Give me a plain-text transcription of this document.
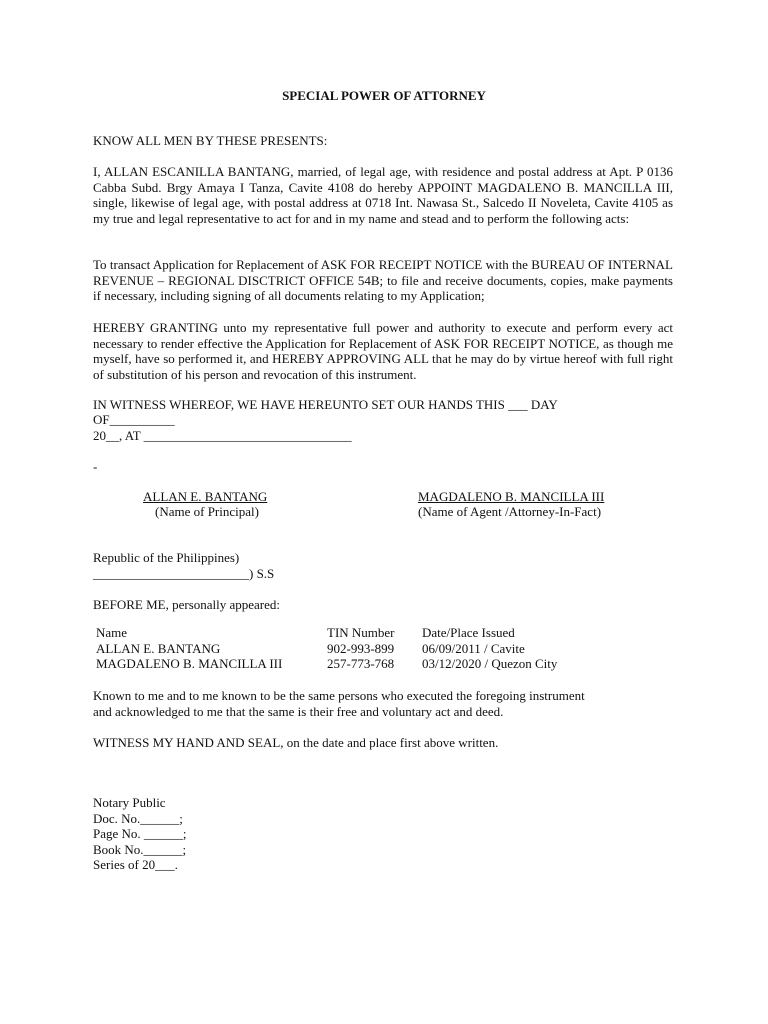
SPECIAL POWER OF ATTORNEY
KNOW ALL MEN BY THESE PRESENTS:
I, ALLAN ESCANILLA BANTANG, married, of legal age, with residence and postal address at Apt. P 0136 Cabba Subd. Brgy Amaya I Tanza, Cavite 4108 do hereby APPOINT MAGDALENO B. MANCILLA III, single, likewise of legal age, with postal address at 0718 Int. Nawasa St., Salcedo II Noveleta, Cavite 4105 as my true and legal representative to act for and in my name and stead and to perform the following acts:
To transact Application for Replacement of ASK FOR RECEIPT NOTICE with the BUREAU OF INTERNAL REVENUE – REGIONAL DISCTRICT OFFICE 54B; to file and receive documents, copies, make payments if necessary, including signing of all documents relating to my Application;
HEREBY GRANTING unto my representative full power and authority to execute and perform every act necessary to render effective the Application for Replacement of ASK FOR RECEIPT NOTICE, as though me myself, have so performed it, and HEREBY APPROVING ALL that he may do by virtue hereof with full right of substitution of his person and revocation of this instrument.
IN WITNESS WHEREOF, WE HAVE HEREUNTO SET OUR HANDS THIS ___ DAY
OF__________
20__, AT ________________________________
-
ALLAN E. BANTANG
(Name of Principal)
MAGDALENO B. MANCILLA III
(Name of Agent /Attorney-In-Fact)
Republic of the Philippines)
________________________) S.S
BEFORE ME, personally appeared:
Name	TIN Number	Date/Place Issued
ALLAN E. BANTANG	902-993-899	06/09/2011 / Cavite
MAGDALENO B. MANCILLA III	257-773-768	03/12/2020 / Quezon City
Known to me and to me known to be the same persons who executed the foregoing instrument
and acknowledged to me that the same is their free and voluntary act and deed.
WITNESS MY HAND AND SEAL, on the date and place first above written.
Notary Public
Doc. No.______;
Page No. ______;
Book No.______;
Series of 20___.
